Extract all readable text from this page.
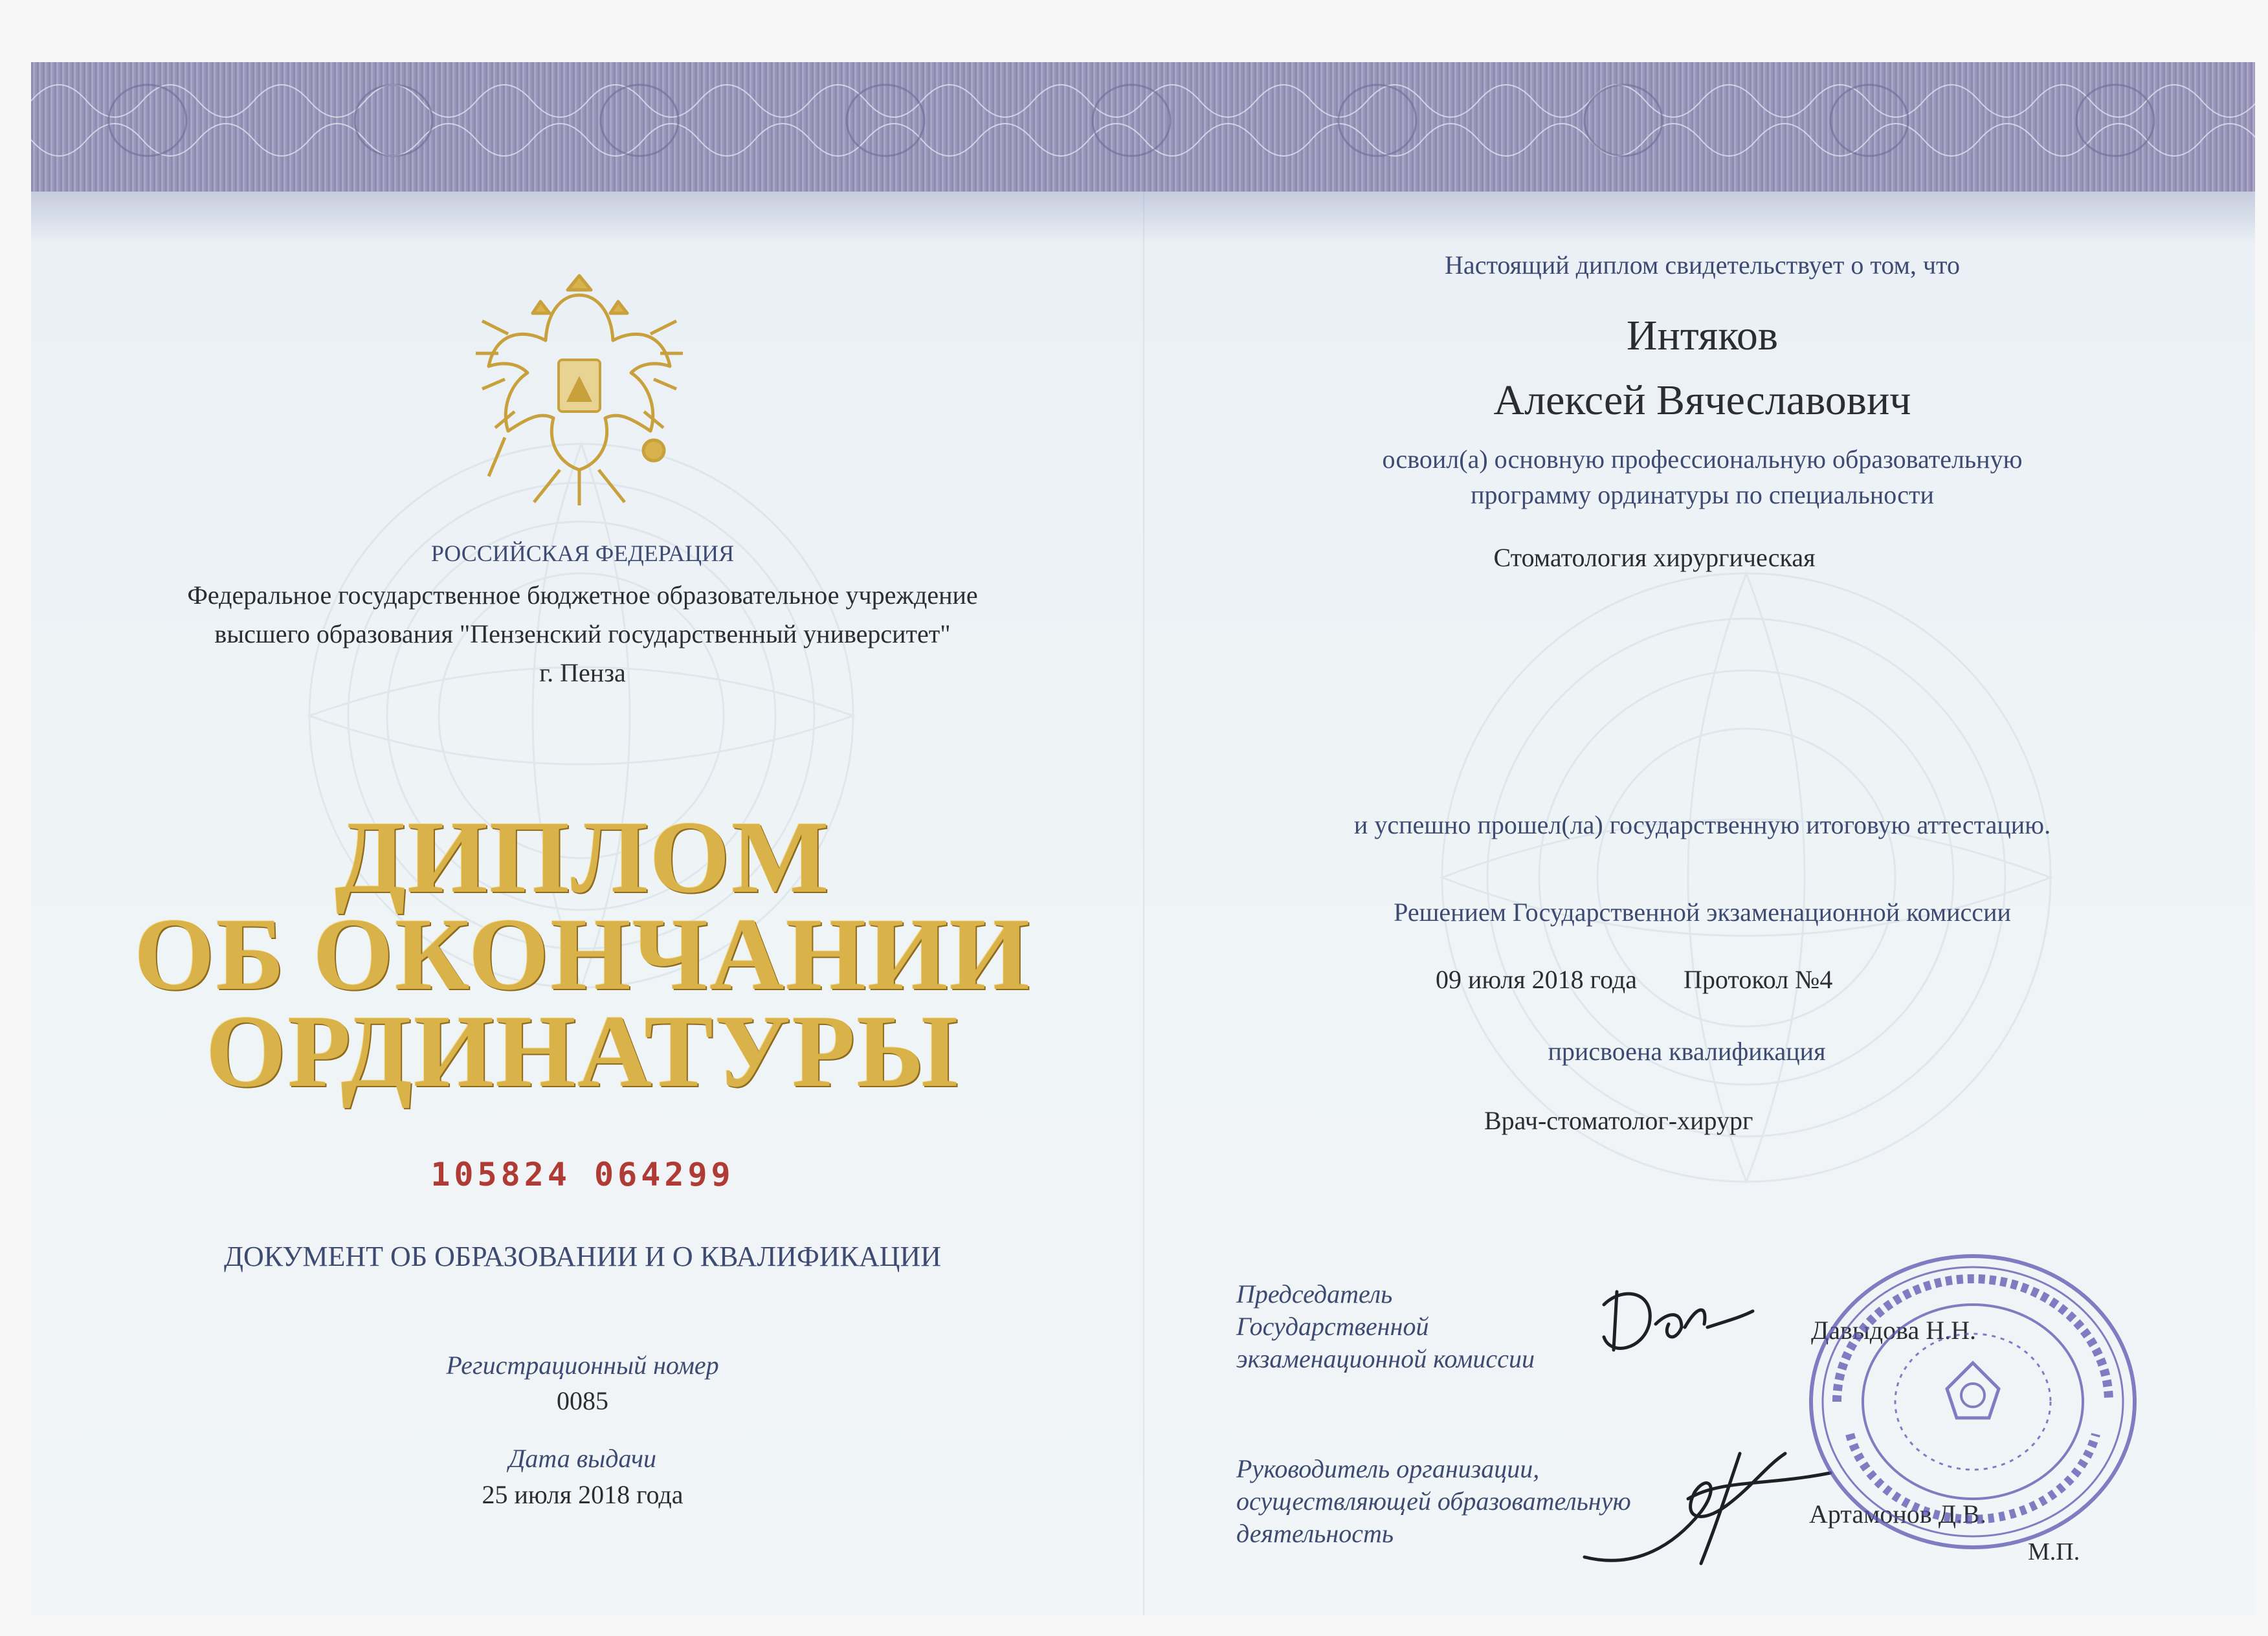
РОССИЙСКАЯ ФЕДЕРАЦИЯ
Федеральное государственное бюджетное образовательное учреждение
высшего образования "Пензенский государственный университет"
г. Пенза
ДИПЛОМ
ОБ ОКОНЧАНИИ
ОРДИНАТУРЫ
105824 064299
ДОКУМЕНТ ОБ ОБРАЗОВАНИИ И О КВАЛИФИКАЦИИ
Регистрационный номер
0085
Дата выдачи
25 июля 2018 года
Настоящий диплом свидетельствует о том, что
Интяков
Алексей Вячеславович
освоил(а) основную профессиональную образовательную
программу ординатуры по специальности
Стоматология хирургическая
и успешно прошел(ла) государственную итоговую аттестацию.
Решением Государственной экзаменационной комиссии
09 июля 2018 года Протокол №4
присвоена квалификация
Врач-стоматолог-хирург
Председатель
Государственной
экзаменационной комиссии
Давыдова Н.Н.
Руководитель организации,
осуществляющей образовательную
деятельность
Артамонов Д.В.
М.П.
